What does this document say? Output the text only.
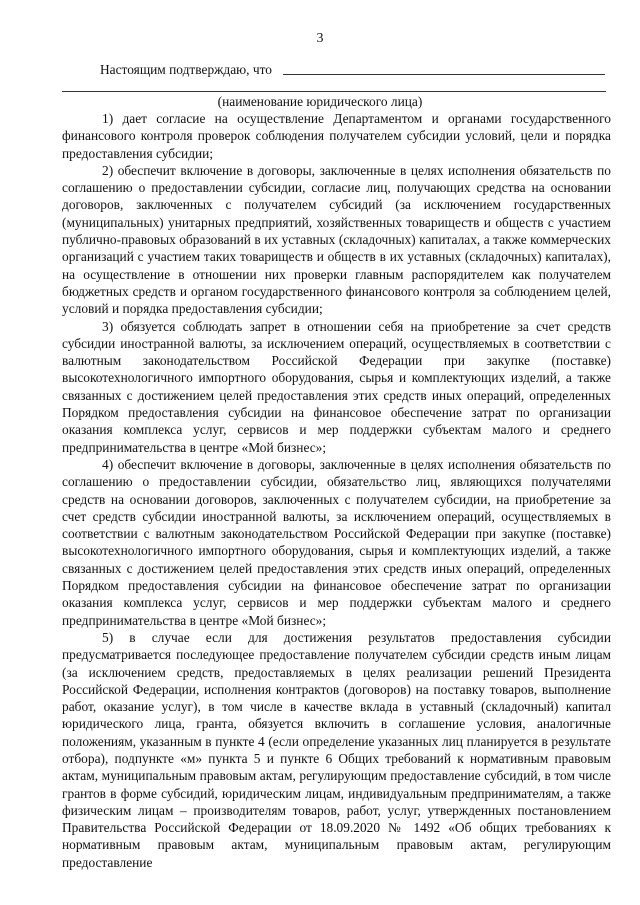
3
Настоящим подтверждаю, что
(наименование юридического лица)

1) дает согласие на осуществление Департаментом и органами государственного финансового контроля проверок соблюдения получателем субсидии условий, цели и порядка предоставления субсидии;

2) обеспечит включение в договоры, заключенные в целях исполнения обязательств по соглашению о предоставлении субсидии, согласие лиц, получающих средства на основании договоров, заключенных с получателем субсидий (за исключением государственных (муниципальных) унитарных предприятий, хозяйственных товариществ и обществ с участием публично-правовых образований в их уставных (складочных) капиталах, а также коммерческих организаций с участием таких товариществ и обществ в их уставных (складочных) капиталах), на осуществление в отношении них проверки главным распорядителем как получателем бюджетных средств и органом государственного финансового контроля за соблюдением целей, условий и порядка предоставления субсидии;

3) обязуется соблюдать запрет в отношении себя на приобретение за счет средств субсидии иностранной валюты, за исключением операций, осуществляемых в соответствии с валютным законодательством Российской Федерации при закупке (поставке) высокотехнологичного импортного оборудования, сырья и комплектующих изделий, а также связанных с достижением целей предоставления этих средств иных операций, определенных Порядком предоставления субсидии на финансовое обеспечение затрат по организации оказания комплекса услуг, сервисов и мер поддержки субъектам малого и среднего предпринимательства в центре «Мой бизнес»;

4) обеспечит включение в договоры, заключенные в целях исполнения обязательств по соглашению о предоставлении субсидии, обязательство лиц, являющихся получателями средств на основании договоров, заключенных с получателем субсидии, на приобретение за счет средств субсидии иностранной валюты, за исключением операций, осуществляемых в соответствии с валютным законодательством Российской Федерации при закупке (поставке) высокотехнологичного импортного оборудования, сырья и комплектующих изделий, а также связанных с достижением целей предоставления этих средств иных операций, определенных Порядком предоставления субсидии на финансовое обеспечение затрат по организации оказания комплекса услуг, сервисов и мер поддержки субъектам малого и среднего предпринимательства в центре «Мой бизнес»;

5) в случае если для достижения результатов предоставления субсидии предусматривается последующее предоставление получателем субсидии средств иным лицам (за исключением средств, предоставляемых в целях реализации решений Президента Российской Федерации, исполнения контрактов (договоров) на поставку товаров, выполнение работ, оказание услуг), в том числе в качестве вклада в уставный (складочный) капитал юридического лица, гранта, обязуется включить в соглашение условия, аналогичные положениям, указанным в пункте 4 (если определение указанных лиц планируется в результате отбора), подпункте «м» пункта 5 и пункте 6 Общих требований к нормативным правовым актам, муниципальным правовым актам, регулирующим предоставление субсидий, в том числе грантов в форме субсидий, юридическим лицам, индивидуальным предпринимателям, а также физическим лицам – производителям товаров, работ, услуг, утвержденных постановлением Правительства Российской Федерации от 18.09.2020 № 1492 «Об общих требованиях к нормативным правовым актам, муниципальным правовым актам, регулирующим предоставление
